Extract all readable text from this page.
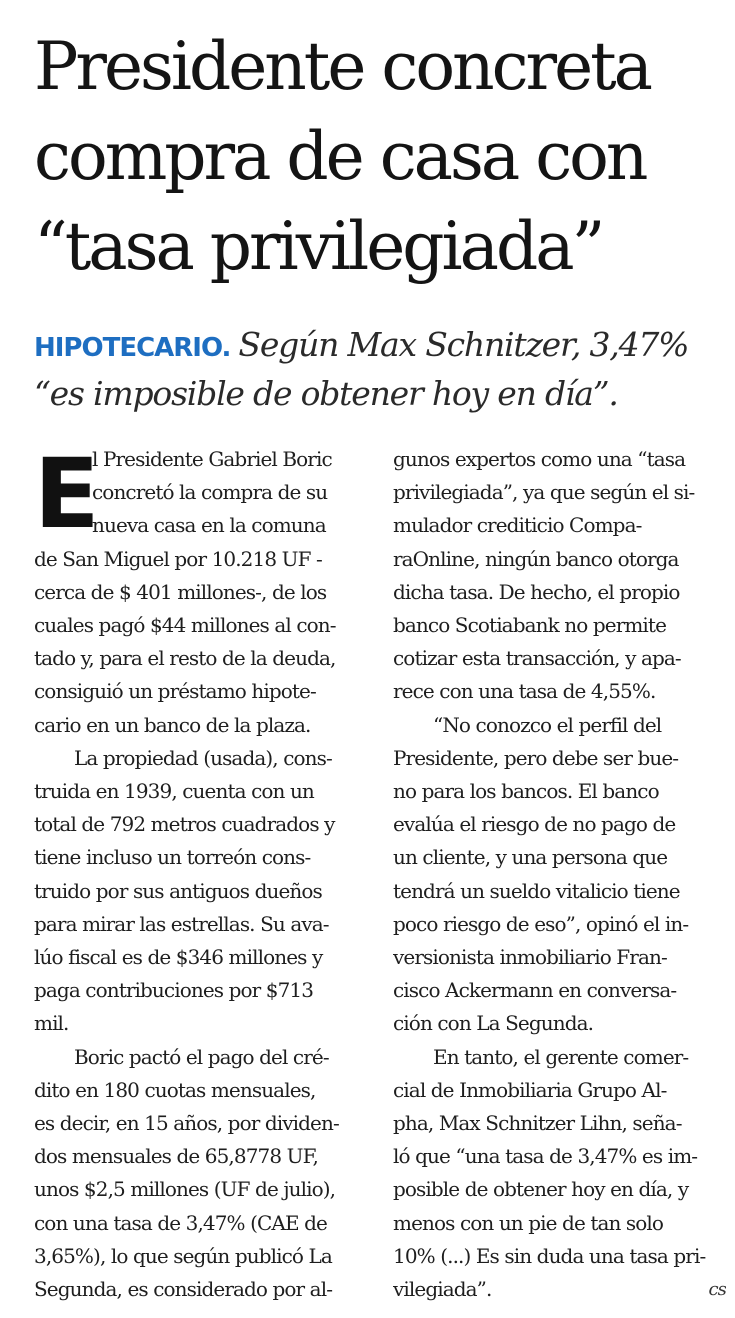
Presidente concreta
compra de casa con
“tasa privilegiada”
HIPOTECARIO. Según Max Schnitzer, 3,47%
“es imposible de obtener hoy en día”.
E
l Presidente Gabriel Boric
concretó la compra de su
nueva casa en la comuna
de San Miguel por 10.218 UF -
cerca de $ 401 millones-, de los
cuales pagó $44 millones al con-
tado y, para el resto de la deuda,
consiguió un préstamo hipote-
cario en un banco de la plaza.
La propiedad (usada), cons-
truida en 1939, cuenta con un
total de 792 metros cuadrados y
tiene incluso un torreón cons-
truido por sus antiguos dueños
para mirar las estrellas. Su ava-
lúo fiscal es de $346 millones y
paga contribuciones por $713
mil.
Boric pactó el pago del cré-
dito en 180 cuotas mensuales,
es decir, en 15 años, por dividen-
dos mensuales de 65,8778 UF,
unos $2,5 millones (UF de julio),
con una tasa de 3,47% (CAE de
3,65%), lo que según publicó La
Segunda, es considerado por al-
gunos expertos como una “tasa
privilegiada”, ya que según el si-
mulador crediticio Compa-
raOnline, ningún banco otorga
dicha tasa. De hecho, el propio
banco Scotiabank no permite
cotizar esta transacción, y apa-
rece con una tasa de 4,55%.
“No conozco el perfil del
Presidente, pero debe ser bue-
no para los bancos. El banco
evalúa el riesgo de no pago de
un cliente, y una persona que
tendrá un sueldo vitalicio tiene
poco riesgo de eso”, opinó el in-
versionista inmobiliario Fran-
cisco Ackermann en conversa-
ción con La Segunda.
En tanto, el gerente comer-
cial de Inmobiliaria Grupo Al-
pha, Max Schnitzer Lihn, seña-
ló que “una tasa de 3,47% es im-
posible de obtener hoy en día, y
menos con un pie de tan solo
10% (...) Es sin duda una tasa pri-
vilegiada”.	cs
